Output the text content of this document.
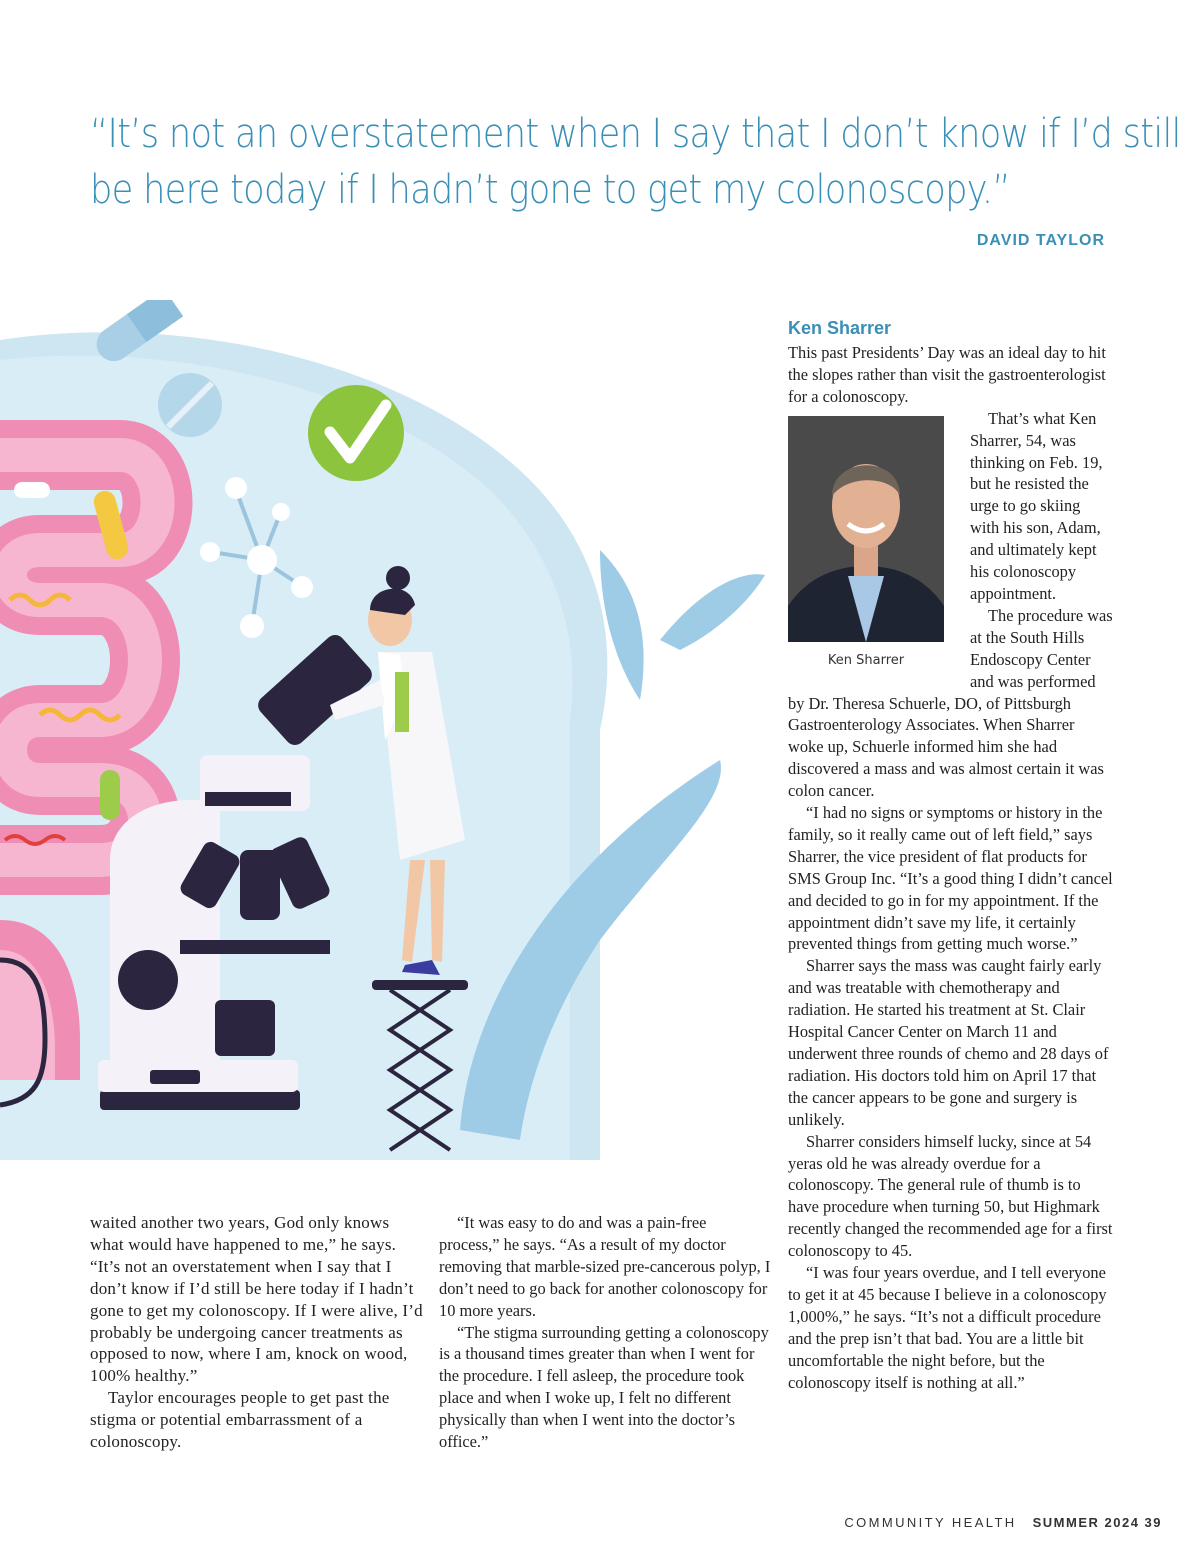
“It’s not an overstatement when I say that I don’t know if I’d still

be here today if I hadn’t gone to get my colonoscopy.”

DAVID TAYLOR

waited another two years, God only knows what would have happened to me,” he says. “It’s not an overstatement when I say that I don’t know if I’d still be here today if I hadn’t gone to get my colonoscopy. If I were alive, I’d probably be undergoing cancer treatments as opposed to now, where I am, knock on wood, 100% healthy.”

Taylor encourages people to get past the stigma or potential embarrassment of a colonoscopy.

“It was easy to do and was a pain-free process,” he says. “As a result of my doctor removing that marble-sized pre-cancerous polyp, I don’t need to go back for another colonoscopy for 10 more years.

“The stigma surrounding getting a colonoscopy is a thousand times greater than when I went for the procedure. I fell asleep, the procedure took place and when I woke up, I felt no different physically than when I went into the doctor’s office.”

Ken Sharrer

This past Presidents’ Day was an ideal day to hit the slopes rather than visit the gastroenterologist for a colonoscopy.

Ken Sharrer

That’s what Ken Sharrer, 54, was thinking on Feb. 19, but he resisted the urge to go skiing with his son, Adam, and ultimately kept his colonoscopy appointment.

The procedure was at the South Hills Endoscopy Center and was performed by Dr. Theresa Schuerle, DO, of Pittsburgh Gastroenterology Associates. When Sharrer woke up, Schuerle informed him she had discovered a mass and was almost certain it was colon cancer.

“I had no signs or symptoms or history in the family, so it really came out of left field,” says Sharrer, the vice president of flat products for SMS Group Inc. “It’s a good thing I didn’t cancel and decided to go in for my appointment. If the appointment didn’t save my life, it certainly prevented things from getting much worse.”

Sharrer says the mass was caught fairly early and was treatable with chemotherapy and radiation. He started his treatment at St. Clair Hospital Cancer Center on March 11 and underwent three rounds of chemo and 28 days of radiation. His doctors told him on April 17 that the cancer appears to be gone and surgery is unlikely.

Sharrer considers himself lucky, since at 54 yeras old he was already overdue for a colonoscopy. The general rule of thumb is to have procedure when turning 50, but Highmark recently changed the recommended age for a first colonoscopy to 45.

“I was four years overdue, and I tell everyone to get it at 45 because I believe in a colonoscopy 1,000%,” he says. “It’s not a difficult procedure and the prep isn’t that bad. You are a little bit uncomfortable the night before, but the colonoscopy itself is nothing at all.”

COMMUNITY HEALTH SUMMER 2024 39
